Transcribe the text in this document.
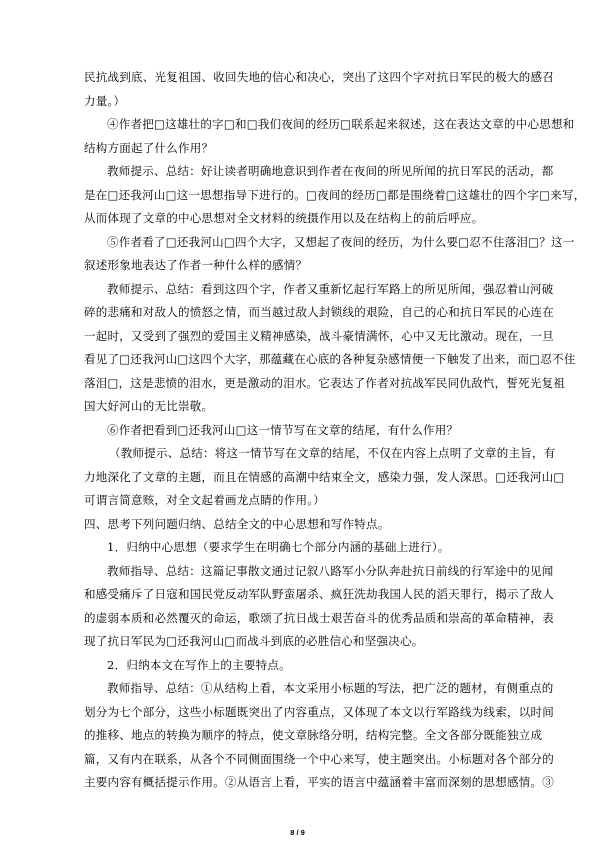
民抗战到底、光复祖国、收回失地的信心和决心，突出了这四个字对抗日军民的极大的感召
力量。）
④作者把□这雄壮的字□和□我们夜间的经历□联系起来叙述，这在表达文章的中心思想和
结构方面起了什么作用？
教师提示、总结：好让读者明确地意识到作者在夜间的所见所闻的抗日军民的活动，都
是在□还我河山□这一思想指导下进行的。□夜间的经历□都是围绕着□这雄壮的四个字□来写，
从而体现了文章的中心思想对全文材料的统摄作用以及在结构上的前后呼应。
⑤作者看了□还我河山□四个大字，又想起了夜间的经历，为什么要□忍不住落泪□？这一
叙述形象地表达了作者一种什么样的感情？
教师提示、总结：看到这四个字，作者又重新忆起行军路上的所见所闻，强忍着山河破
碎的悲痛和对敌人的愤怒之情，而当越过敌人封锁线的艰险，自己的心和抗日军民的心连在
一起时，又受到了强烈的爱国主义精神感染，战斗豪情满怀，心中又无比激动。现在，一旦
看见了□还我河山□这四个大字，那蕴藏在心底的各种复杂感情便一下触发了出来，而□忍不住
落泪□，这是悲愤的泪水，更是激动的泪水。它表达了作者对抗战军民同仇敌忾，誓死光复祖
国大好河山的无比崇敬。
⑥作者把看到□还我河山□这一情节写在文章的结尾，有什么作用？
（教师提示、总结：将这一情节写在文章的结尾，不仅在内容上点明了文章的主旨，有
力地深化了文章的主题，而且在情感的高潮中结束全文，感染力强，发人深思。□还我河山□
可谓言简意赅，对全文起着画龙点睛的作用。）
四、思考下列问题归纳、总结全文的中心思想和写作特点。
1．归纳中心思想（要求学生在明确七个部分内涵的基础上进行）。
教师指导、总结：这篇记事散文通过记叙八路军小分队奔赴抗日前线的行军途中的见闻
和感受痛斥了日寇和国民党反动军队野蛮屠杀、疯狂洗劫我国人民的滔天罪行，揭示了敌人
的虚弱本质和必然覆灭的命运，歌颂了抗日战士艰苦奋斗的优秀品质和崇高的革命精神，表
现了抗日军民为□还我河山□而战斗到底的必胜信心和坚强决心。
2．归纳本文在写作上的主要特点。
教师指导、总结：①从结构上看，本文采用小标题的写法，把广泛的题材，有侧重点的
划分为七个部分，这些小标题既突出了内容重点，又体现了本文以行军路线为线索，以时间
的推移、地点的转换为顺序的特点，使文章脉络分明，结构完整。全文各部分既能独立成
篇，又有内在联系，从各个不同侧面围绕一个中心来写，使主题突出。小标题对各个部分的
主要内容有概括提示作用。②从语言上看，平实的语言中蕴涵着丰富而深刻的思想感情。③
8 / 9
